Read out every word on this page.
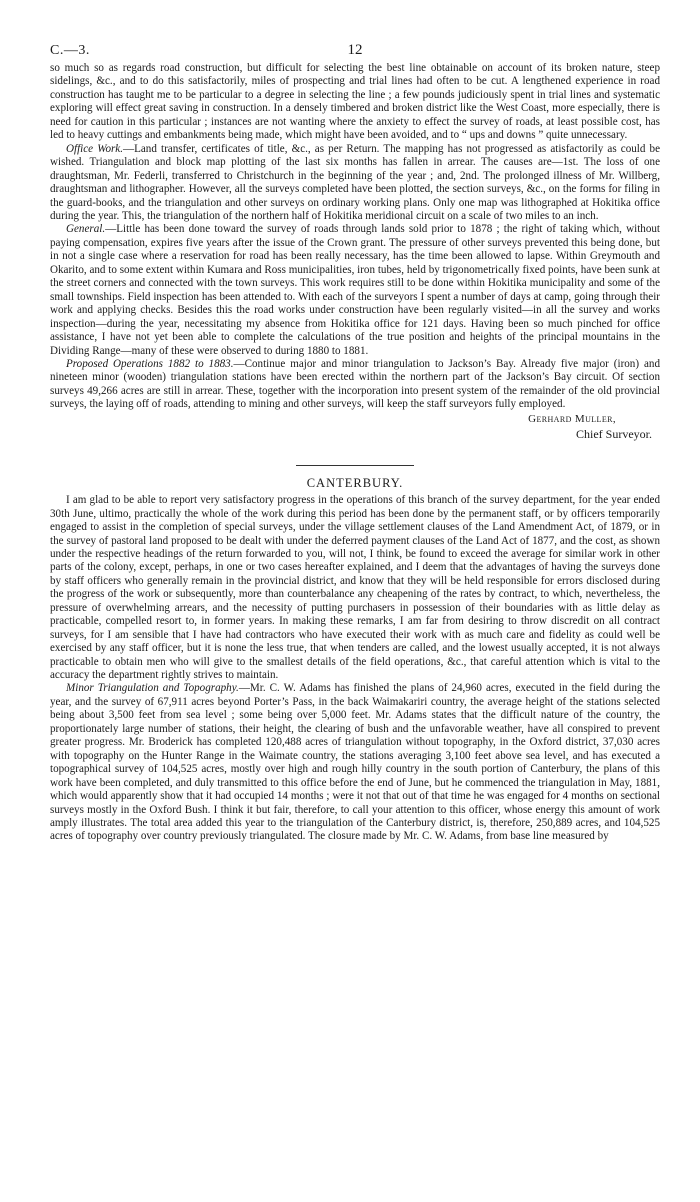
C.—3.	12

so much so as regards road construction, but difficult for selecting the best line obtainable on account of its broken nature, steep sidelings, &c., and to do this satisfactorily, miles of prospecting and trial lines had often to be cut. A lengthened experience in road construction has taught me to be particular to a degree in selecting the line ; a few pounds judiciously spent in trial lines and systematic exploring will effect great saving in construction. In a densely timbered and broken district like the West Coast, more especially, there is need for caution in this particular ; instances are not wanting where the anxiety to effect the survey of roads, at least possible cost, has led to heavy cuttings and embankments being made, which might have been avoided, and to “ ups and downs ” quite unnecessary.

Office Work.—Land transfer, certificates of title, &c., as per Return. The mapping has not progressed as atisfactorily as could be wished. Triangulation and block map plotting of the last six months has fallen in arrear. The causes are—1st. The loss of one draughtsman, Mr. Federli, transferred to Christchurch in the beginning of the year ; and, 2nd. The prolonged illness of Mr. Willberg, draughtsman and lithographer. However, all the surveys completed have been plotted, the section surveys, &c., on the forms for filing in the guard-books, and the triangulation and other surveys on ordinary working plans. Only one map was lithographed at Hokitika office during the year. This, the triangulation of the northern half of Hokitika meridional circuit on a scale of two miles to an inch.

General.—Little has been done toward the survey of roads through lands sold prior to 1878 ; the right of taking which, without paying compensation, expires five years after the issue of the Crown grant. The pressure of other surveys prevented this being done, but in not a single case where a reservation for road has been really necessary, has the time been allowed to lapse. Within Greymouth and Okarito, and to some extent within Kumara and Ross municipalities, iron tubes, held by trigonometrically fixed points, have been sunk at the street corners and connected with the town surveys. This work requires still to be done within Hokitika municipality and some of the small townships. Field inspection has been attended to. With each of the surveyors I spent a number of days at camp, going through their work and applying checks. Besides this the road works under construction have been regularly visited—in all the survey and works inspection—during the year, necessitating my absence from Hokitika office for 121 days. Having been so much pinched for office assistance, I have not yet been able to complete the calculations of the true position and heights of the principal mountains in the Dividing Range—many of these were observed to during 1880 to 1881.

Proposed Operations 1882 to 1883.—Continue major and minor triangulation to Jackson’s Bay. Already five major (iron) and nineteen minor (wooden) triangulation stations have been erected within the northern part of the Jackson’s Bay circuit. Of section surveys 49,266 acres are still in arrear. These, together with the incorporation into present system of the remainder of the old provincial surveys, the laying off of roads, attending to mining and other surveys, will keep the staff surveyors fully employed.

Gerhard Muller,
Chief Surveyor.
CANTERBURY.

I am glad to be able to report very satisfactory progress in the operations of this branch of the survey department, for the year ended 30th June, ultimo, practically the whole of the work during this period has been done by the permanent staff, or by officers temporarily engaged to assist in the completion of special surveys, under the village settlement clauses of the Land Amendment Act, of 1879, or in the survey of pastoral land proposed to be dealt with under the deferred payment clauses of the Land Act of 1877, and the cost, as shown under the respective headings of the return forwarded to you, will not, I think, be found to exceed the average for similar work in other parts of the colony, except, perhaps, in one or two cases hereafter explained, and I deem that the advantages of having the surveys done by staff officers who generally remain in the provincial district, and know that they will be held responsible for errors disclosed during the progress of the work or subsequently, more than counterbalance any cheapening of the rates by contract, to which, nevertheless, the pressure of overwhelming arrears, and the necessity of putting purchasers in possession of their boundaries with as little delay as practicable, compelled resort to, in former years. In making these remarks, I am far from desiring to throw discredit on all contract surveys, for I am sensible that I have had contractors who have executed their work with as much care and fidelity as could well be exercised by any staff officer, but it is none the less true, that when tenders are called, and the lowest usually accepted, it is not always practicable to obtain men who will give to the smallest details of the field operations, &c., that careful attention which is vital to the accuracy the department rightly strives to maintain.

Minor Triangulation and Topography.—Mr. C. W. Adams has finished the plans of 24,960 acres, executed in the field during the year, and the survey of 67,911 acres beyond Porter’s Pass, in the back Waimakariri country, the average height of the stations selected being about 3,500 feet from sea level ; some being over 5,000 feet. Mr. Adams states that the difficult nature of the country, the proportionately large number of stations, their height, the clearing of bush and the unfavorable weather, have all conspired to prevent greater progress. Mr. Broderick has completed 120,488 acres of triangulation without topography, in the Oxford district, 37,030 acres with topography on the Hunter Range in the Waimate country, the stations averaging 3,100 feet above sea level, and has executed a topographical survey of 104,525 acres, mostly over high and rough hilly country in the south portion of Canterbury, the plans of this work have been completed, and duly transmitted to this office before the end of June, but he commenced the triangulation in May, 1881, which would apparently show that it had occupied 14 months ; were it not that out of that time he was engaged for 4 months on sectional surveys mostly in the Oxford Bush. I think it but fair, therefore, to call your attention to this officer, whose energy this amount of work amply illustrates. The total area added this year to the triangulation of the Canterbury district, is, therefore, 250,889 acres, and 104,525 acres of topography over country previously triangulated. The closure made by Mr. C. W. Adams, from base line measured by
